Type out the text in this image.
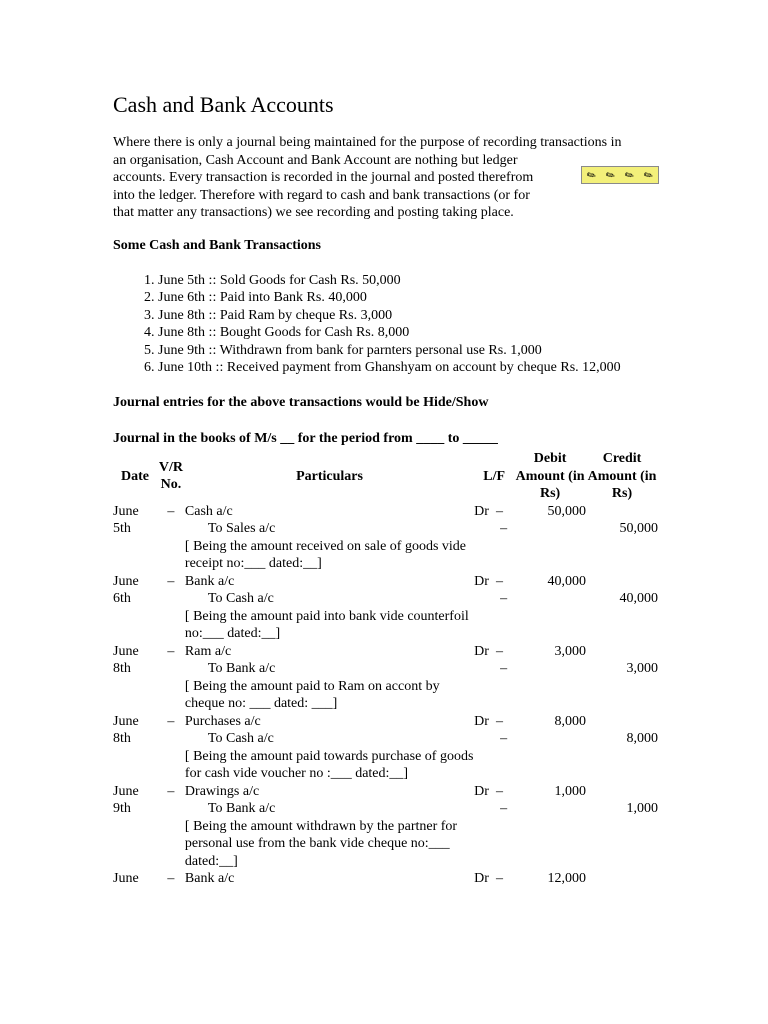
Cash and Bank Accounts
Where there is only a journal being maintained for the purpose of recording transactions in
an organisation, Cash Account and Bank Account are nothing but ledger
accounts. Every transaction is recorded in the journal and posted therefrom
into the ledger. Therefore with regard to cash and bank transactions (or for
that matter any transactions) we see recording and posting taking place.
✎ ✎ ✎ ✎
Some Cash and Bank Transactions
1. June 5th :: Sold Goods for Cash Rs. 50,000
2. June 6th :: Paid into Bank Rs. 40,000
3. June 8th :: Paid Ram by cheque Rs. 3,000
4. June 8th :: Bought Goods for Cash Rs. 8,000
5. June 9th :: Withdrawn from bank for parnters personal use Rs. 1,000
6. June 10th :: Received payment from Ghanshyam on account by cheque Rs. 12,000
Journal entries for the above transactions would be Hide/Show
Journal in the books of M/s __ for the period from ____ to _____
Date	V/R No.	Particulars	L/F	Debit Amount (in Rs)	Credit Amount (in Rs)
June 5th	–	Cash a/c	Dr –	50,000	

		To Sales a/c	–		50,000
		[ Being the amount received on sale of goods vide receipt no:___ dated:__]			
June 6th	–	Bank a/c	Dr –	40,000	

		To Cash a/c	–		40,000
		[ Being the amount paid into bank vide counterfoil no:___ dated:__]			
June 8th	–	Ram a/c	Dr –	3,000	

		To Bank a/c	–		3,000
		[ Being the amount paid to Ram on accont by cheque no: ___ dated: ___]			
June 8th	–	Purchases a/c	Dr –	8,000	

		To Cash a/c	–		8,000
		[ Being the amount paid towards purchase of goods for cash vide voucher no :___ dated:__]			
June 9th	–	Drawings a/c	Dr –	1,000	

		To Bank a/c	–		1,000
		[ Being the amount withdrawn by the partner for personal use from the bank vide cheque no:___ dated:__]			
June	–	Bank a/c	Dr –	12,000	
